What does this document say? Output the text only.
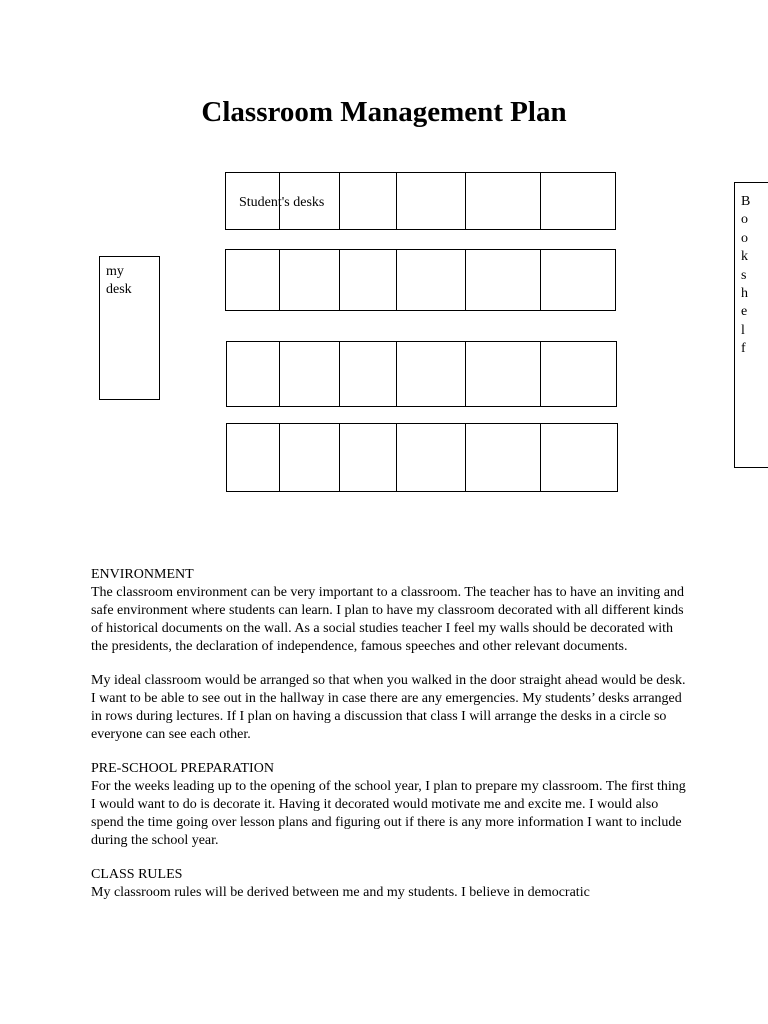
Classroom Management Plan
Student's desks
my
desk
B
o
o
k
s
h
e
l
f
ENVIRONMENT

The classroom environment can be very important to a classroom. The teacher has to have an inviting and safe environment where students can learn. I plan to have my classroom decorated with all different kinds of historical documents on the wall. As a social studies teacher I feel my walls should be decorated with the presidents, the declaration of independence, famous speeches and other relevant documents.

My ideal classroom would be arranged so that when you walked in the door straight ahead would be desk. I want to be able to see out in the hallway in case there are any emergencies. My students’ desks arranged in rows during lectures. If I plan on having a discussion that class I will arrange the desks in a circle so everyone can see each other.

PRE-SCHOOL PREPARATION

For the weeks leading up to the opening of the school year, I plan to prepare my classroom. The first thing I would want to do is decorate it. Having it decorated would motivate me and excite me. I would also spend the time going over lesson plans and figuring out if there is any more information I want to include during the school year.

CLASS RULES

My classroom rules will be derived between me and my students. I believe in democratic
